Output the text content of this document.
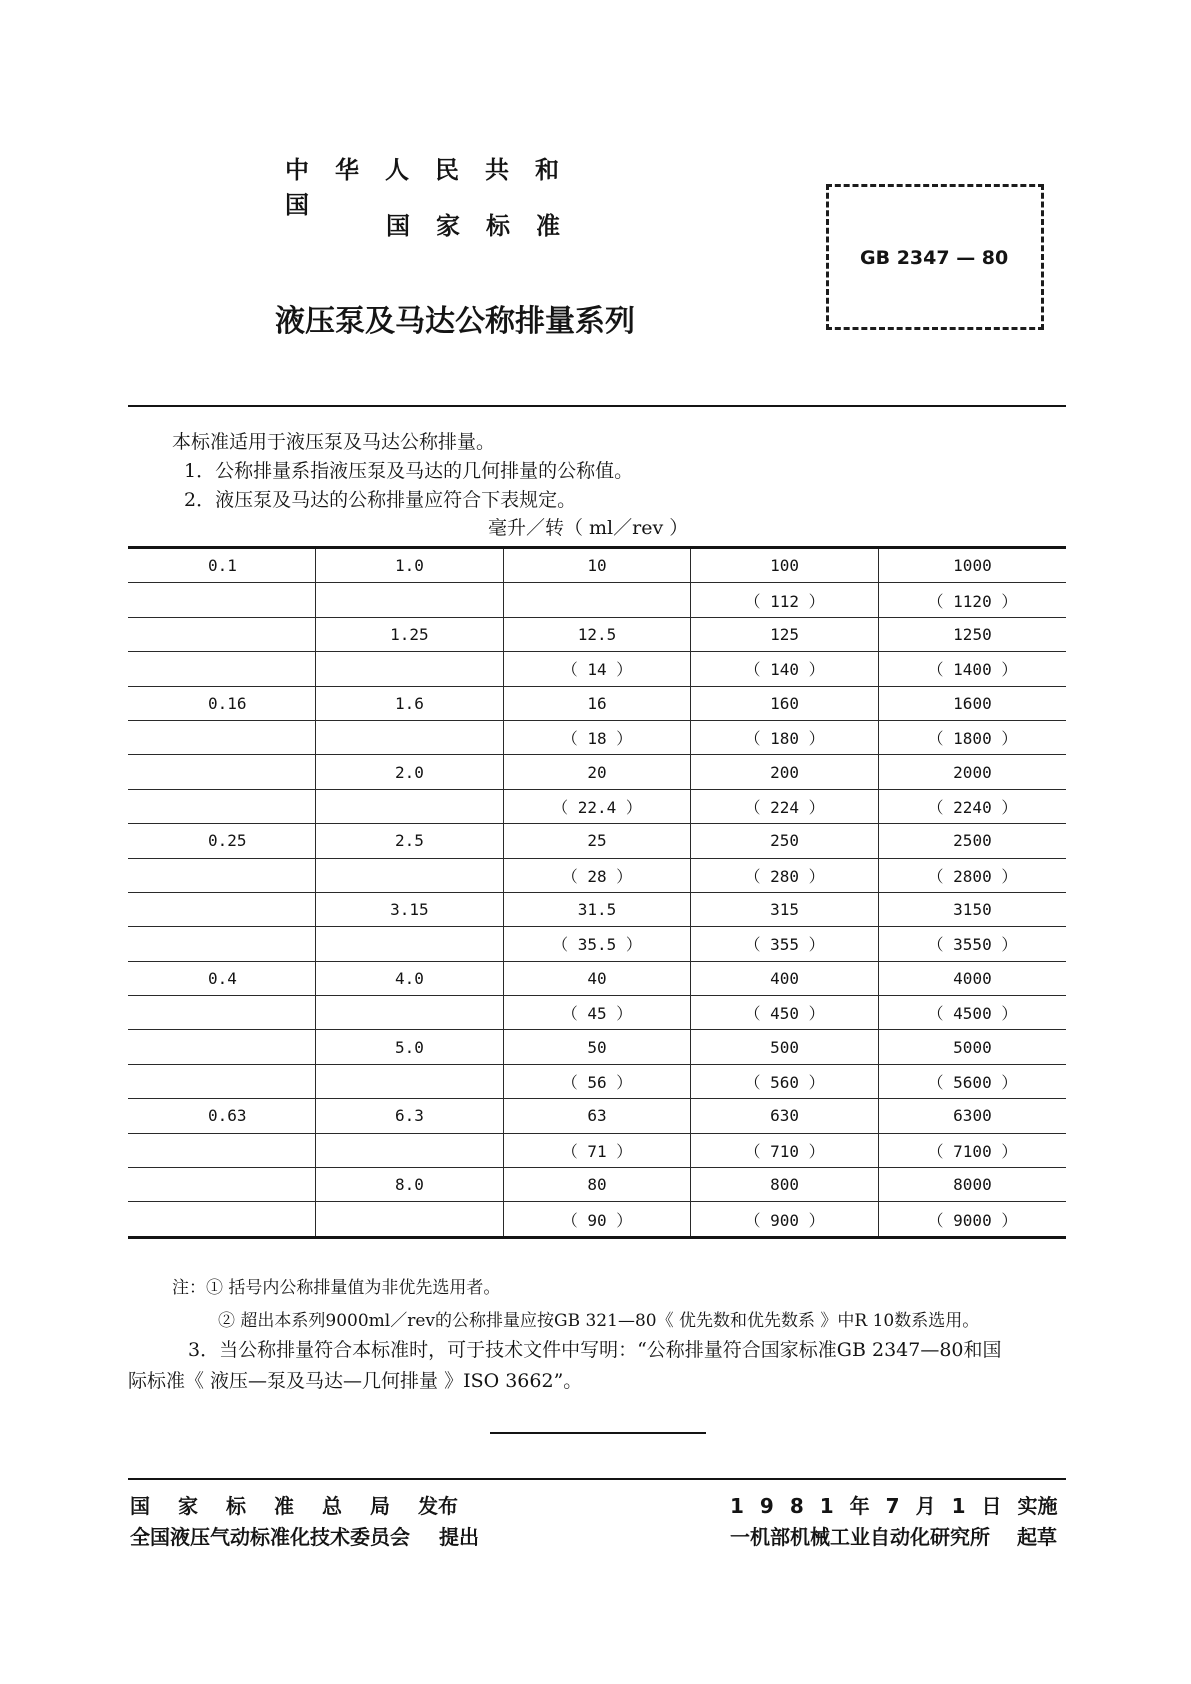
中华人民共和国
国家标准
液压泵及马达公称排量系列
GB 2347 — 80
本标准适用于液压泵及马达公称排量。
1．公称排量系指液压泵及马达的几何排量的公称值。
2．液压泵及马达的公称排量应符合下表规定。
毫升／转（ ml／rev ）
0.1	1.0	10	100	1000
			（ 112 ）	（ 1120 ）
	1.25	12.5	125	1250
		（ 14 ）	（ 140 ）	（ 1400 ）
0.16	1.6	16	160	1600
		（ 18 ）	（ 180 ）	（ 1800 ）
	2.0	20	200	2000
		（ 22.4 ）	（ 224 ）	（ 2240 ）
0.25	2.5	25	250	2500
		（ 28 ）	（ 280 ）	（ 2800 ）
	3.15	31.5	315	3150
		（ 35.5 ）	（ 355 ）	（ 3550 ）
0.4	4.0	40	400	4000
		（ 45 ）	（ 450 ）	（ 4500 ）
	5.0	50	500	5000
		（ 56 ）	（ 560 ）	（ 5600 ）
0.63	6.3	63	630	6300
		（ 71 ）	（ 710 ）	（ 7100 ）
	8.0	80	800	8000
		（ 90 ）	（ 900 ）	（ 9000 ）
注：① 括号内公称排量值为非优先选用者。
② 超出本系列9000ml／rev的公称排量应按GB 321—80《 优先数和优先数系 》中R 10数系选用。
3．当公称排量符合本标准时，可于技术文件中写明：“公称排量符合国家标准GB 2347—80和国
际标准《 液压—泵及马达—几何排量 》ISO 3662”。
国家标准总局发布
全国液压气动标准化技术委员会 提出
1981年7月1日实施
一机部机械工业自动化研究所 起草
